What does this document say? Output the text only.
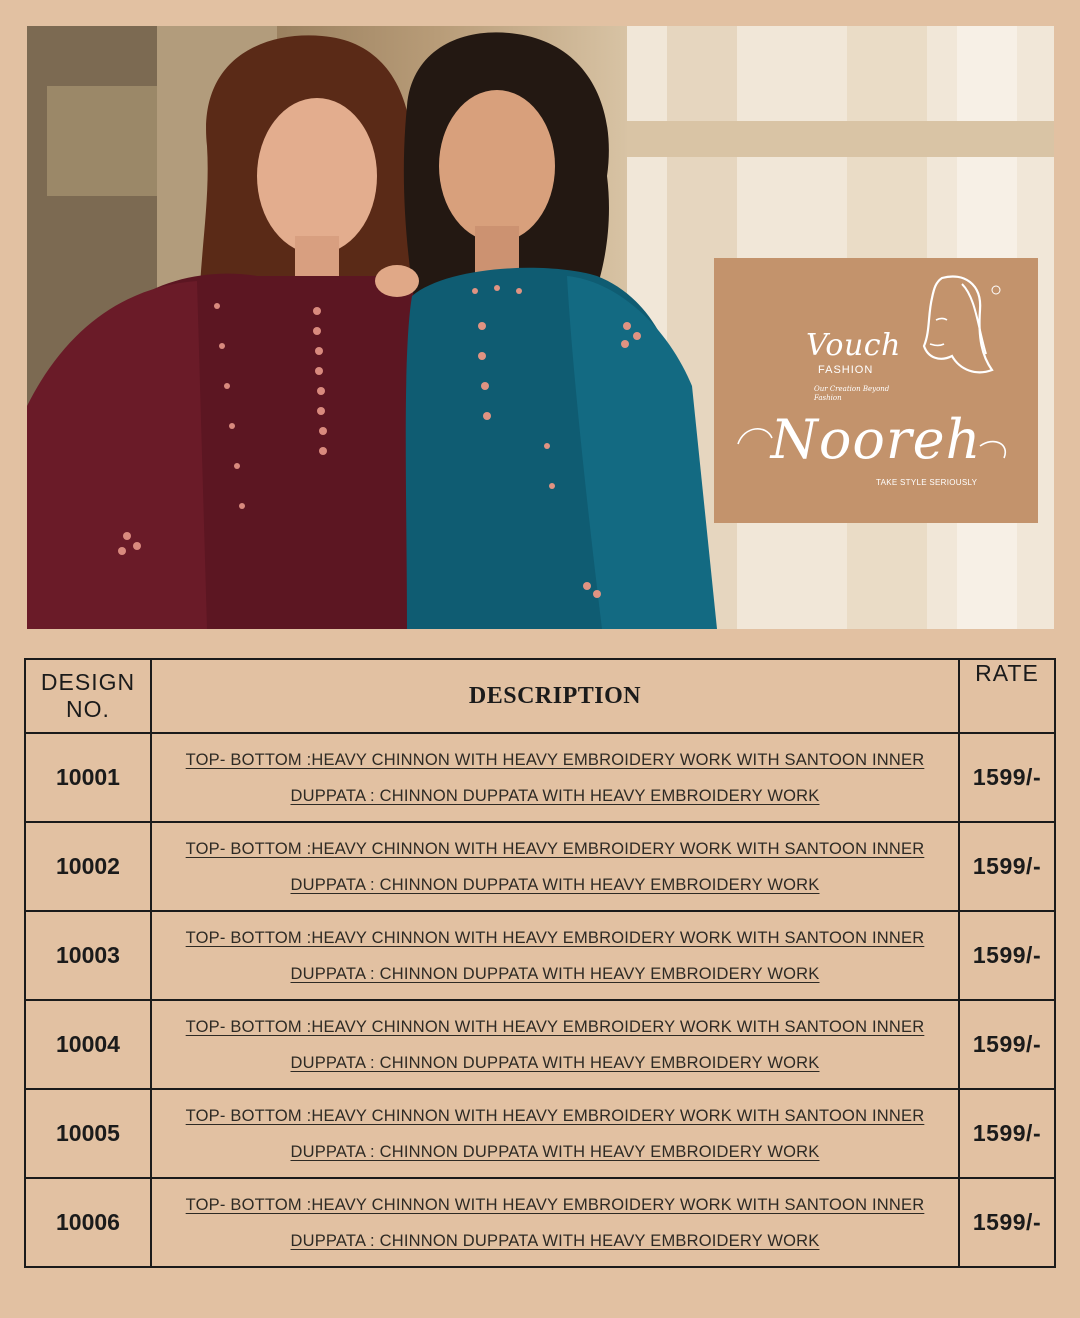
Vouch
FASHION
Our Creation Beyond Fashion
Nooreh
TAKE STYLE SERIOUSLY
DESIGN
NO.	DESCRIPTION	RATE
10001	TOP- BOTTOM :HEAVY CHINNON WITH HEAVY EMBROIDERY WORK WITH SANTOON INNER
DUPPATA : CHINNON DUPPATA WITH HEAVY EMBROIDERY WORK	1599/-
10002	TOP- BOTTOM :HEAVY CHINNON WITH HEAVY EMBROIDERY WORK WITH SANTOON INNER
DUPPATA : CHINNON DUPPATA WITH HEAVY EMBROIDERY WORK	1599/-
10003	TOP- BOTTOM :HEAVY CHINNON WITH HEAVY EMBROIDERY WORK WITH SANTOON INNER
DUPPATA : CHINNON DUPPATA WITH HEAVY EMBROIDERY WORK	1599/-
10004	TOP- BOTTOM :HEAVY CHINNON WITH HEAVY EMBROIDERY WORK WITH SANTOON INNER
DUPPATA : CHINNON DUPPATA WITH HEAVY EMBROIDERY WORK	1599/-
10005	TOP- BOTTOM :HEAVY CHINNON WITH HEAVY EMBROIDERY WORK WITH SANTOON INNER
DUPPATA : CHINNON DUPPATA WITH HEAVY EMBROIDERY WORK	1599/-
10006	TOP- BOTTOM :HEAVY CHINNON WITH HEAVY EMBROIDERY WORK WITH SANTOON INNER
DUPPATA : CHINNON DUPPATA WITH HEAVY EMBROIDERY WORK	1599/-
